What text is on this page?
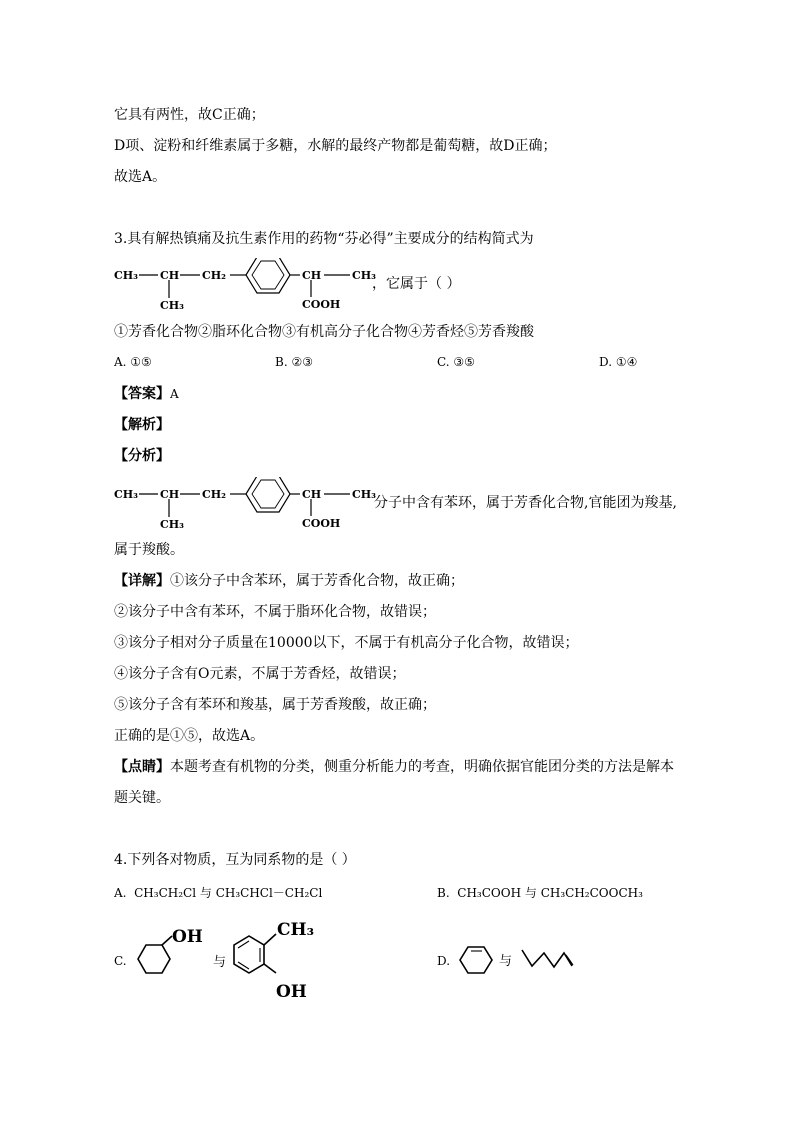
它具有两性，故C正确；
D项、淀粉和纤维素属于多糖，水解的最终产物都是葡萄糖，故D正确；
故选A。
3.具有解热镇痛及抗生素作用的药物“芬必得”主要成分的结构简式为
CH₃ CH CH₂
CH₃
CH	CH₃
COOH
，它属于（ ）
①芳香化合物②脂环化合物③有机高分子化合物④芳香烃⑤芳香羧酸
A. ①⑤	B. ②③	C. ③⑤	D. ①④
【答案】A
【解析】
【分析】
CH₃ CH CH₂
CH₃
CH	CH₃
COOH
分子中含有苯环，属于芳香化合物,官能团为羧基,
属于羧酸。
【详解】①该分子中含苯环，属于芳香化合物，故正确；
②该分子中含有苯环，不属于脂环化合物，故错误；
③该分子相对分子质量在10000以下，不属于有机高分子化合物，故错误；
④该分子含有O元素，不属于芳香烃，故错误；
⑤该分子含有苯环和羧基，属于芳香羧酸，故正确；
正确的是①⑤，故选A。
【点睛】本题考查有机物的分类，侧重分析能力的考查，明确依据官能团分类的方法是解本
题关键。
4.下列各对物质，互为同系物的是（ ）
A. CH₃CH₂Cl 与 CH₃CHCl－CH₂Cl	B. CH₃COOH 与 CH₃CH₂COOCH₃
C.
OH	CH₃
OH
与	D.	与
